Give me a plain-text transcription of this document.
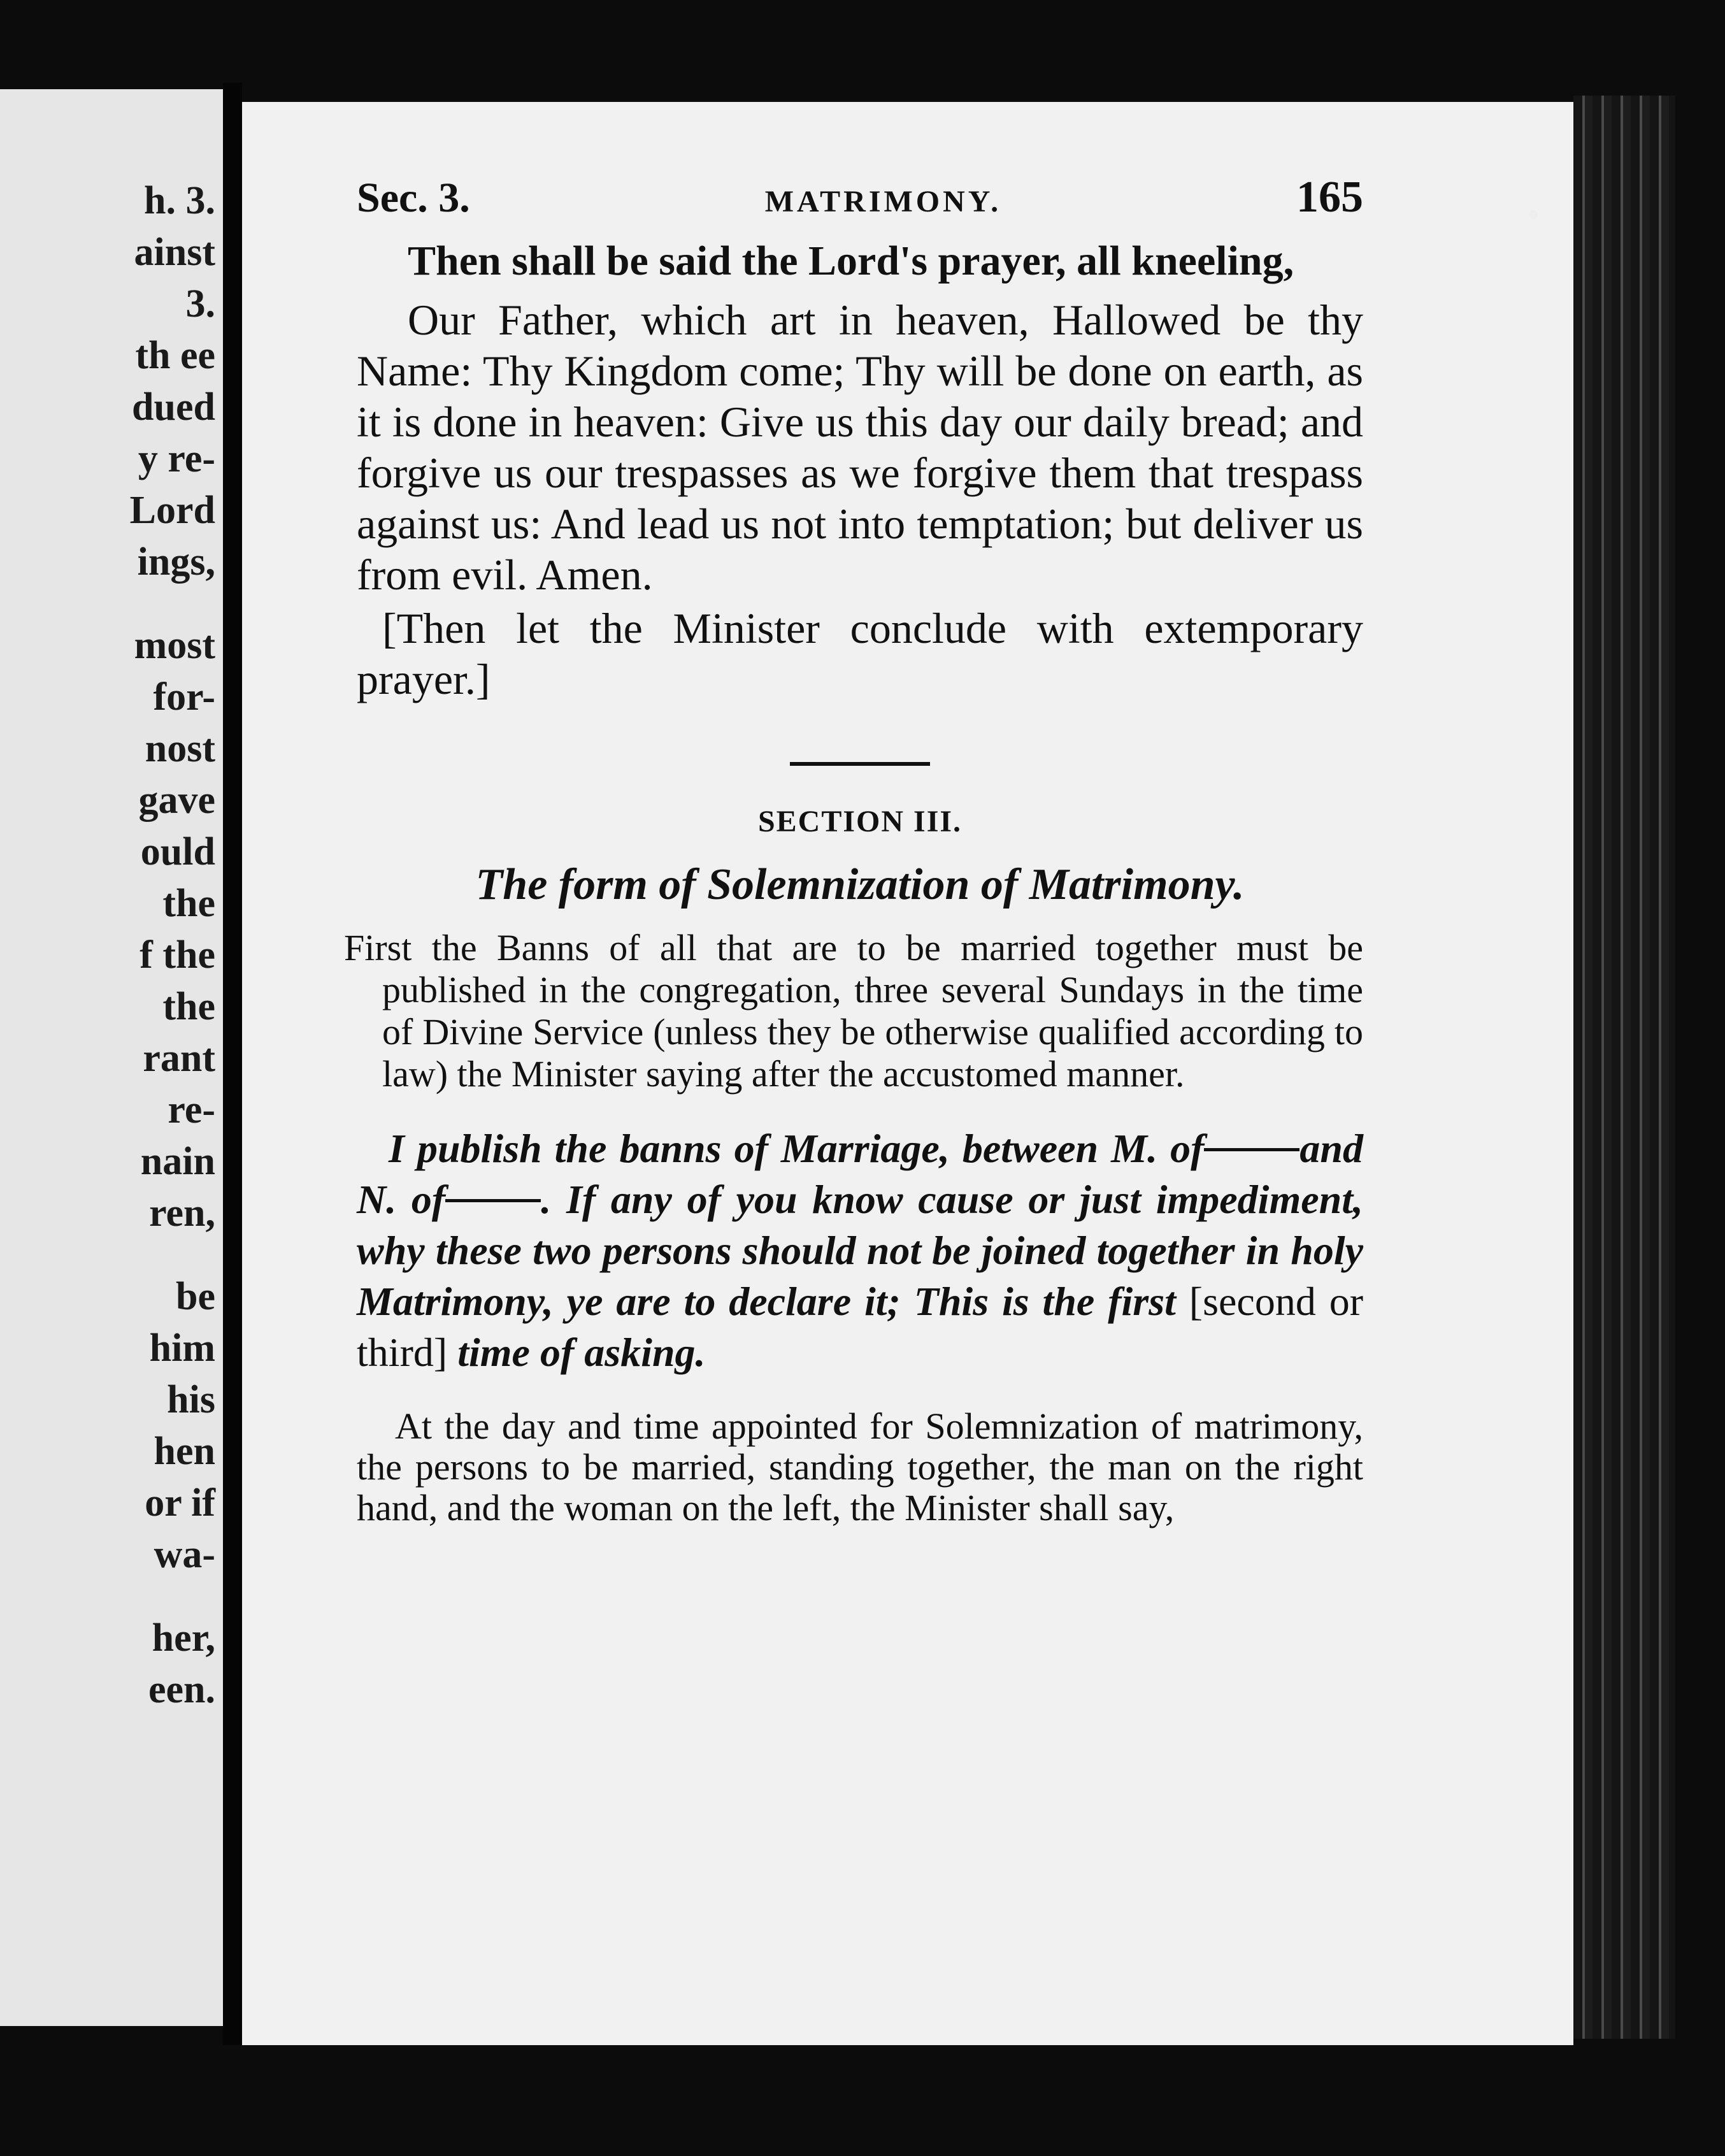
h. 3.
ainst
3.
th ee
dued
y re-
Lord
ings,
most
for-
nost
gave
ould
the
f the
the
rant
re-
nain
ren,
be
him
his
hen
or if
wa-
her,
een.
Sec. 3.	MATRIMONY.	165

Then shall be said the Lord's prayer, all kneeling,

Our Father, which art in heaven, Hallowed be thy Name: Thy Kingdom come; Thy will be done on earth, as it is done in heaven: Give us this day our daily bread; and forgive us our trespasses as we forgive them that trespass against us: And lead us not into temptation; but deliver us from evil. Amen.

[Then let the Minister conclude with extemporary prayer.]

SECTION III.
The form of Solemnization of Matrimony.

First the Banns of all that are to be married together must be published in the congregation, three several Sundays in the time of Divine Service (unless they be otherwise qualified according to law) the Minister saying after the accustomed manner.

I publish the banns of Marriage, between M. of and N. of . If any of you know cause or just impediment, why these two persons should not be joined together in holy Matrimony, ye are to declare it; This is the first [second or third] time of asking.

At the day and time appointed for Solemnization of matrimony, the persons to be married, standing together, the man on the right hand, and the woman on the left, the Minister shall say,
